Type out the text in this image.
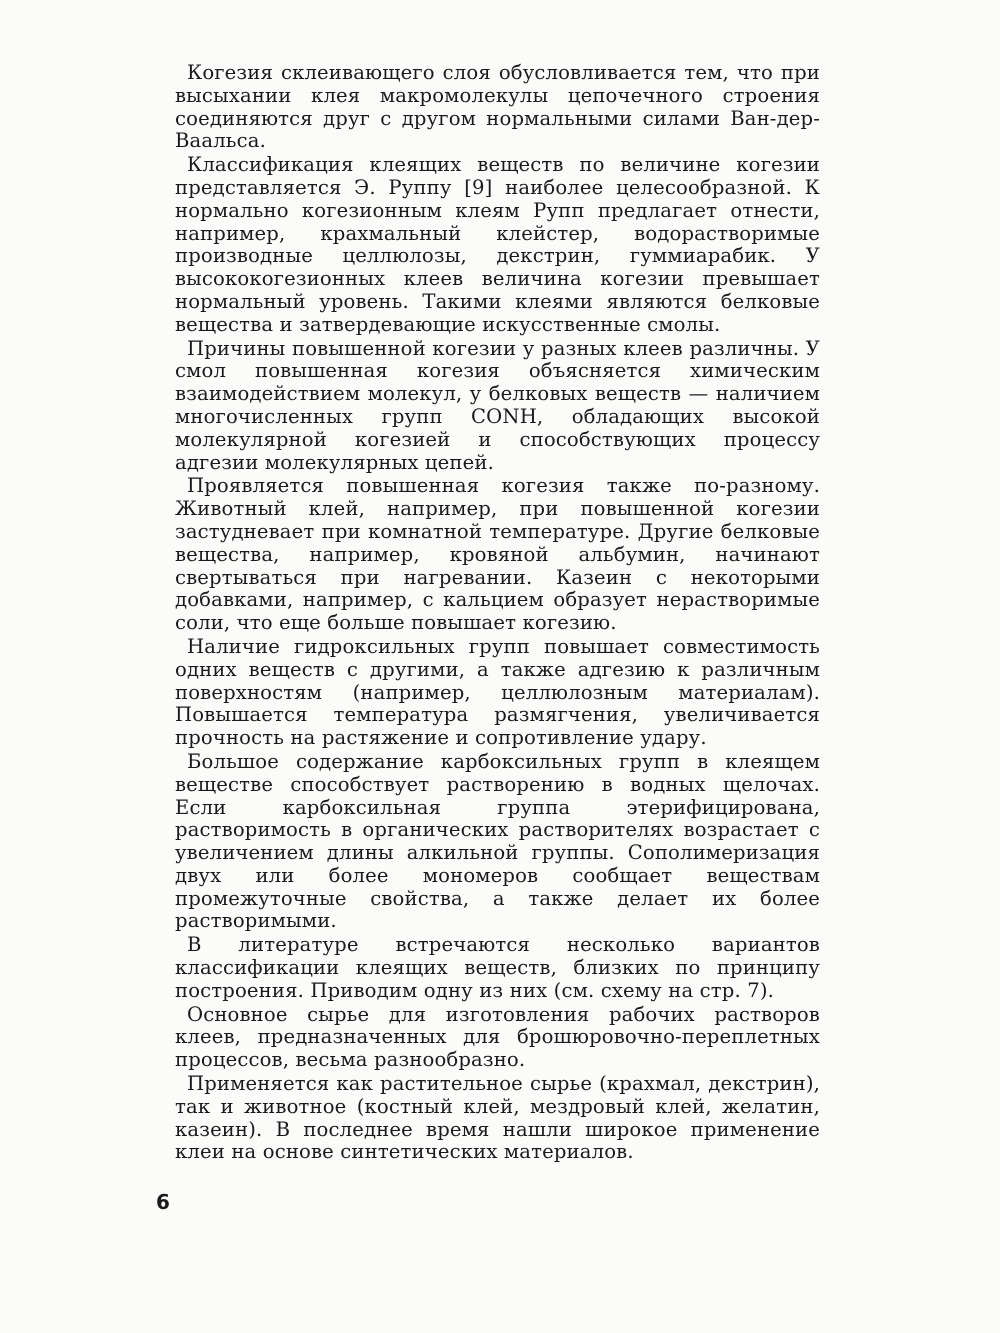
Когезия склеивающего слоя обусловливается тем, что при высыхании клея макромолекулы цепочечного строения соединяются друг с другом нормальными силами Ван-дер-Ваальса.

Классификация клеящих веществ по величине когезии представляется Э. Руппу [9] наиболее целесообразной. К нормально когезионным клеям Рупп предлагает отнести, например, крахмальный клейстер, водорастворимые производные целлюлозы, декстрин, гуммиарабик. У высококогезионных клеев величина когезии превышает нормальный уровень. Такими клеями являются белковые вещества и затвердевающие искусственные смолы.

Причины повышенной когезии у разных клеев различны. У смол повышенная когезия объясняется химическим взаимодействием молекул, у белковых веществ — наличием многочисленных групп CONH, обладающих высокой молекулярной когезией и способствующих процессу адгезии молекулярных цепей.

Проявляется повышенная когезия также по-разному. Животный клей, например, при повышенной когезии застудневает при комнатной температуре. Другие белковые вещества, например, кровяной альбумин, начинают свертываться при нагревании. Казеин с некоторыми добавками, например, с кальцием образует нерастворимые соли, что еще больше повышает когезию.

Наличие гидроксильных групп повышает совместимость одних веществ с другими, а также адгезию к различным поверхностям (например, целлюлозным материалам). Повышается температура размягчения, увеличивается прочность на растяжение и сопротивление удару.

Большое содержание карбоксильных групп в клеящем веществе способствует растворению в водных щелочах. Если карбоксильная группа этерифицирована, растворимость в органических растворителях возрастает с увеличением длины алкильной группы. Сополимеризация двух или более мономеров сообщает веществам промежуточные свойства, а также делает их более растворимыми.

В литературе встречаются несколько вариантов классификации клеящих веществ, близких по принципу построения. Приводим одну из них (см. схему на стр. 7).

Основное сырье для изготовления рабочих растворов клеев, предназначенных для брошюровочно-переплетных процессов, весьма разнообразно.

Применяется как растительное сырье (крахмал, декстрин), так и животное (костный клей, мездровый клей, желатин, казеин). В последнее время нашли широкое применение клеи на основе синтетических материалов.

6
